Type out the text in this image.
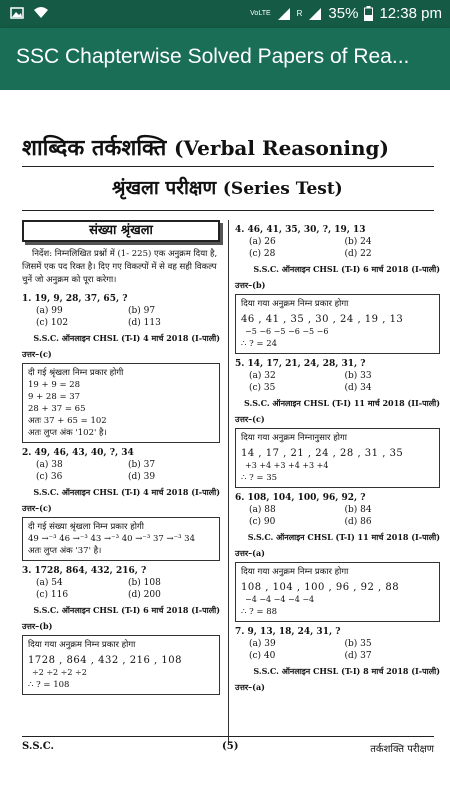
VoLTE	R 35% 12:38 pm
SSC Chapterwise Solved Papers of Rea...
शाब्दिक तर्कशक्ति (Verbal Reasoning)
श्रृंखला परीक्षण (Series Test)
संख्या श्रृंखला
निर्देश: निम्नलिखित प्रश्नों में (1- 225) एक अनुक्रम दिया है, जिसमें एक पद रिक्त है। दिए गए विकल्पों में से वह सही विकल्प चुनें जो अनुक्रम को पूरा करेगा।
1. 19, 9, 28, 37, 65, ?
(a) 99	(b) 97
(c) 102	(d) 113
S.S.C. ऑनलाइन CHSL (T-I) 4 मार्च 2018 (I-पाली)
उत्तर–(c)
दी गई श्रृंखला निम्न प्रकार होगी
19 + 9 = 28
9 + 28 = 37
28 + 37 = 65
अतः 37 + 65 = 102
अतः लुप्त अंक '102' है।
2. 49, 46, 43, 40, ?, 34
(a) 38	(b) 37
(c) 36	(d) 39
S.S.C. ऑनलाइन CHSL (T-I) 4 मार्च 2018 (I-पाली)
उत्तर–(c)
दी गई संख्या श्रृंखला निम्न प्रकार होगी
49 →⁻³ 46 →⁻³ 43 →⁻³ 40 →⁻³ 37 →⁻³ 34
अतः लुप्त अंक '37' है।
3. 1728, 864, 432, 216, ?
(a) 54	(b) 108
(c) 116	(d) 200
S.S.C. ऑनलाइन CHSL (T-I) 6 मार्च 2018 (I-पाली)
उत्तर–(b)
दिया गया अनुक्रम निम्न प्रकार होगा
1728 , 864 , 432 , 216 , 108
÷2 ÷2 ÷2 ÷2
∴ ? = 108
4. 46, 41, 35, 30, ?, 19, 13
(a) 26	(b) 24
(c) 28	(d) 22
S.S.C. ऑनलाइन CHSL (T-I) 6 मार्च 2018 (I-पाली)
उत्तर–(b)
दिया गया अनुक्रम निम्न प्रकार होगा
46 , 41 , 35 , 30 , 24 , 19 , 13
−5 −6 −5 −6 −5 −6
∴ ? = 24
5. 14, 17, 21, 24, 28, 31, ?
(a) 32	(b) 33
(c) 35	(d) 34
S.S.C. ऑनलाइन CHSL (T-I) 11 मार्च 2018 (II-पाली)
उत्तर–(c)
दिया गया अनुक्रम निम्नानुसार होगा
14 , 17 , 21 , 24 , 28 , 31 , 35
+3 +4 +3 +4 +3 +4
∴ ? = 35
6. 108, 104, 100, 96, 92, ?
(a) 88	(b) 84
(c) 90	(d) 86
S.S.C. ऑनलाइन CHSL (T-I) 11 मार्च 2018 (I-पाली)
उत्तर–(a)
दिया गया अनुक्रम निम्न प्रकार होगा
108 , 104 , 100 , 96 , 92 , 88
−4 −4 −4 −4 −4
∴ ? = 88
7. 9, 13, 18, 24, 31, ?
(a) 39	(b) 35
(c) 40	(d) 37
S.S.C. ऑनलाइन CHSL (T-I) 8 मार्च 2018 (I-पाली)
उत्तर–(a)
S.S.C.	(5)	तर्कशक्ति परीक्षण
